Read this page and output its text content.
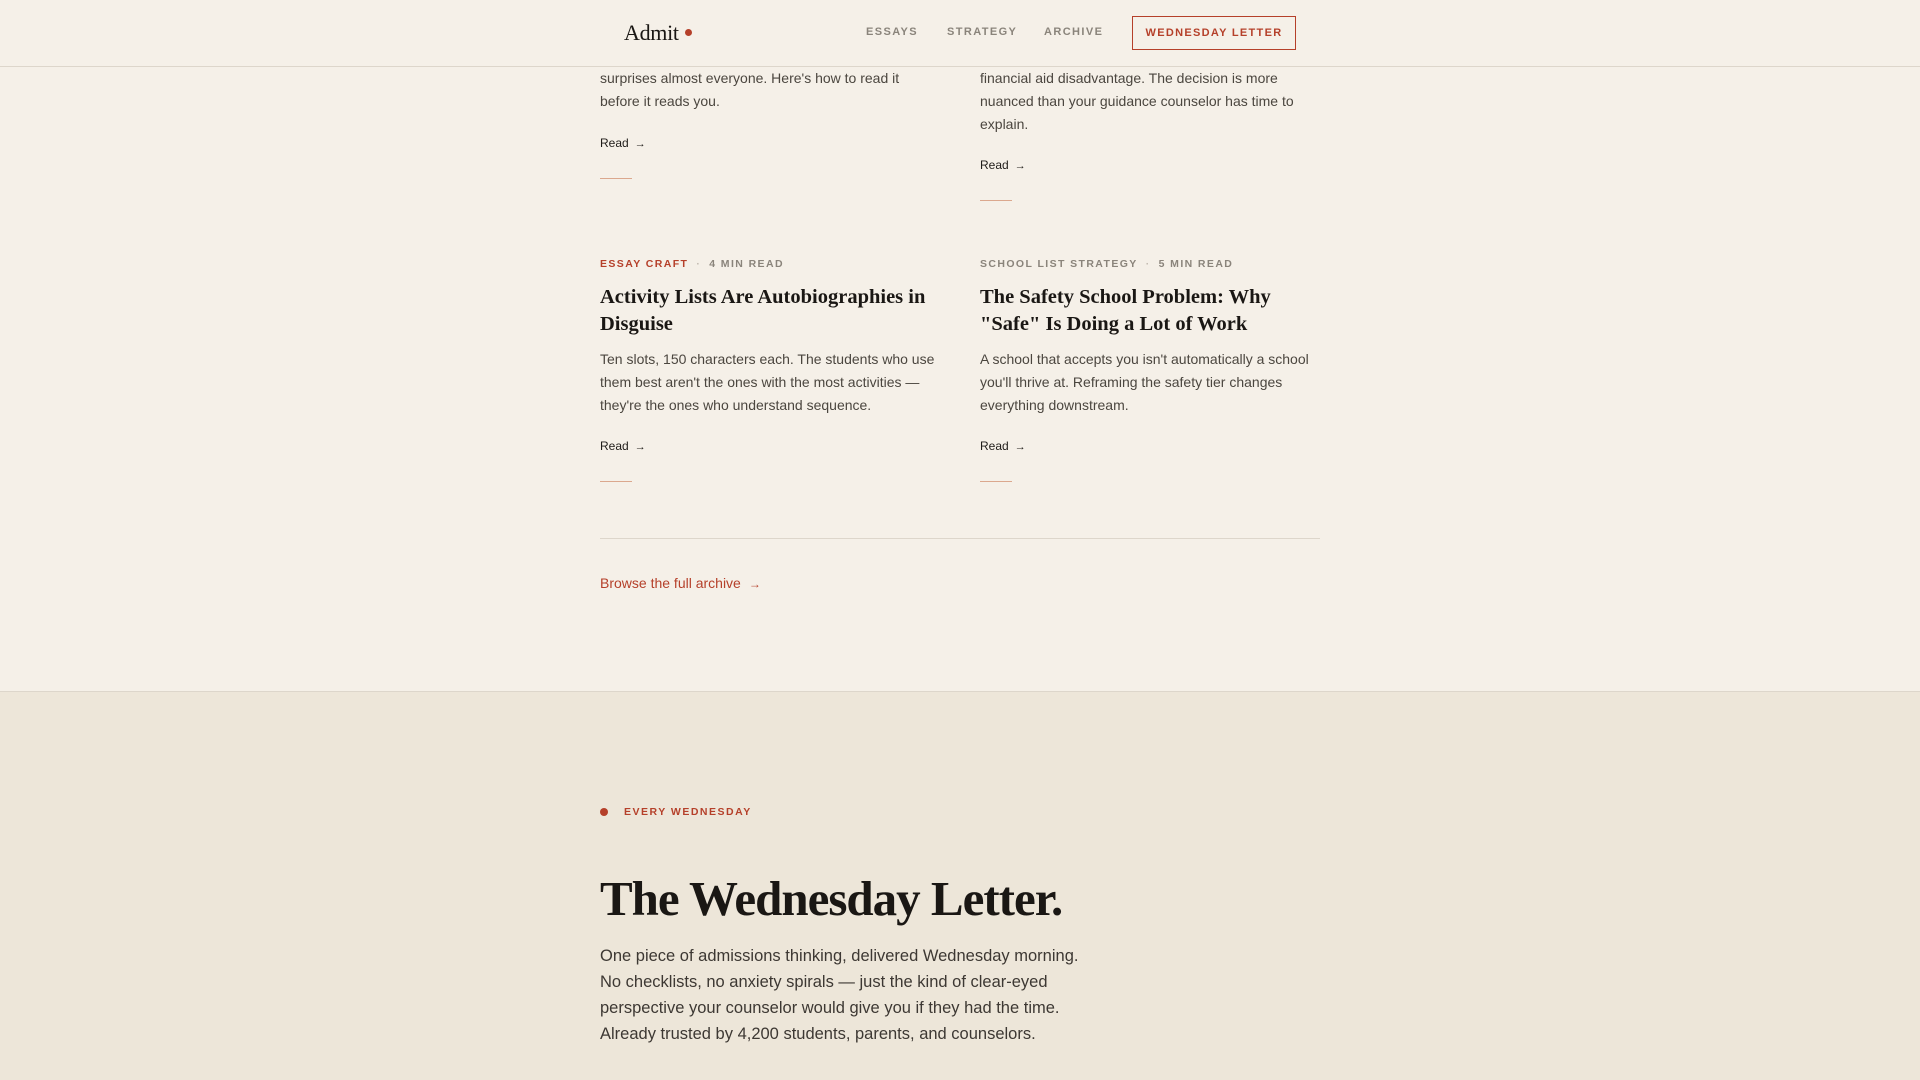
Admit	ESSAYS	STRATEGY ARCHIVE	WEDNESDAY LETTER
surprises almost everyone. Here's how to read it
before it reads you.
Read →
financial aid disadvantage. The decision is more
nuanced than your guidance counselor has time to
explain.
Read →
ESSAY CRAFT · 4 MIN READ
Activity Lists Are Autobiographies in Disguise
Ten slots, 150 characters each. The students who use them best aren't the ones with the most activities — they're the ones who understand sequence.
Read →
SCHOOL LIST STRATEGY · 5 MIN READ
The Safety School Problem: Why "Safe" Is Doing a Lot of Work
A school that accepts you isn't automatically a school you'll thrive at. Reframing the safety tier changes everything downstream.
Read →
Browse the full archive →
EVERY WEDNESDAY
The Wednesday Letter.
One piece of admissions thinking, delivered Wednesday morning. No checklists, no anxiety spirals — just the kind of clear-eyed perspective your counselor would give you if they had the time. Already trusted by 4,200 students, parents, and counselors.
